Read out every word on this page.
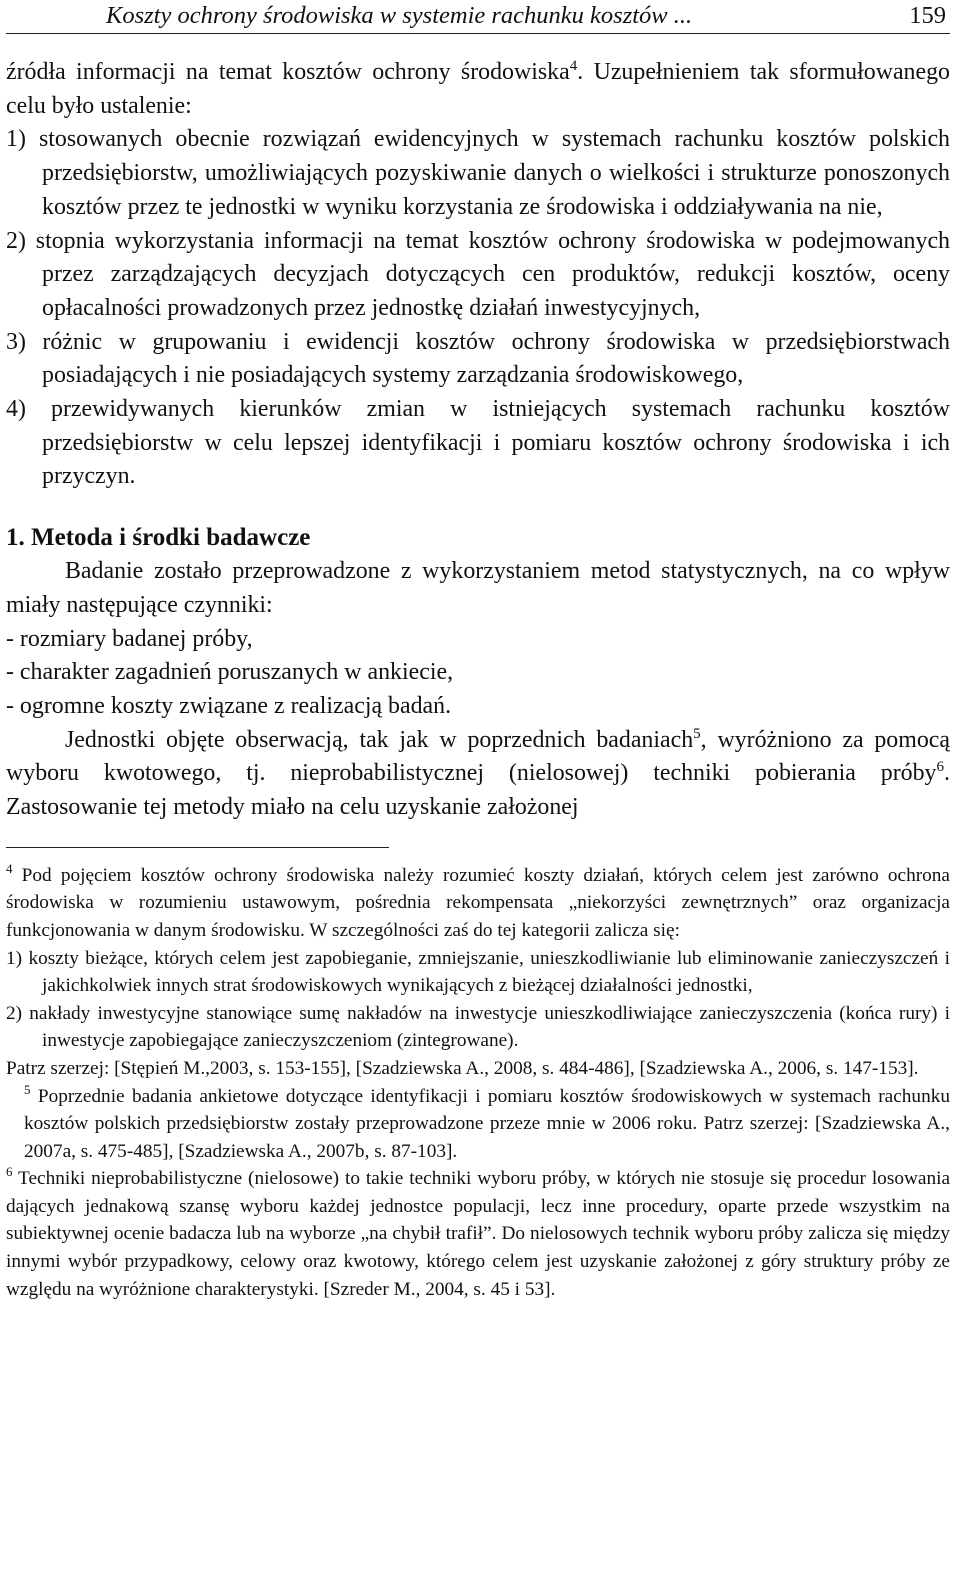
Koszty ochrony środowiska w systemie rachunku kosztów ...	159

źródła informacji na temat kosztów ochrony środowiska$^4$. Uzupełnieniem tak sformułowanego celu było ustalenie:

1) stosowanych obecnie rozwiązań ewidencyjnych w systemach rachunku kosztów polskich przedsiębiorstw, umożliwiających pozyskiwanie danych o wielkości i strukturze ponoszonych kosztów przez te jednostki w wyniku korzystania ze środowiska i oddziaływania na nie,

2) stopnia wykorzystania informacji na temat kosztów ochrony środowiska w podejmowanych przez zarządzających decyzjach dotyczących cen produktów, redukcji kosztów, oceny opłacalności prowadzonych przez jednostkę działań inwestycyjnych,

3) różnic w grupowaniu i ewidencji kosztów ochrony środowiska w przedsiębiorstwach posiadających i nie posiadających systemy zarządzania środowiskowego,

4) przewidywanych kierunków zmian w istniejących systemach rachunku kosztów przedsiębiorstw w celu lepszej identyfikacji i pomiaru kosztów ochrony środowiska i ich przyczyn.

1. Metoda i środki badawcze

Badanie zostało przeprowadzone z wykorzystaniem metod statystycznych, na co wpływ miały następujące czynniki:

- rozmiary badanej próby,

- charakter zagadnień poruszanych w ankiecie,

- ogromne koszty związane z realizacją badań.

Jednostki objęte obserwacją, tak jak w poprzednich badaniach$^5$, wyróżniono za pomocą wyboru kwotowego, tj. nieprobabilistycznej (nielosowej) techniki pobierania próby$^6$. Zastosowanie tej metody miało na celu uzyskanie założonej

$^4$ Pod pojęciem kosztów ochrony środowiska należy rozumieć koszty działań, których celem jest zarówno ochrona środowiska w rozumieniu ustawowym, pośrednia rekompensata „niekorzyści zewnętrznych” oraz organizacja funkcjonowania w danym środowisku. W szczególności zaś do tej kategorii zalicza się:

1) koszty bieżące, których celem jest zapobieganie, zmniejszanie, unieszkodliwianie lub eliminowanie zanieczyszczeń i jakichkolwiek innych strat środowiskowych wynikających z bieżącej działalności jednostki,

2) nakłady inwestycyjne stanowiące sumę nakładów na inwestycje unieszkodliwiające zanieczyszczenia (końca rury) i inwestycje zapobiegające zanieczyszczeniom (zintegrowane).

Patrz szerzej: [Stępień M.,2003, s. 153-155], [Szadziewska A., 2008, s. 484-486], [Szadziewska A., 2006, s. 147-153].

$^5$ Poprzednie badania ankietowe dotyczące identyfikacji i pomiaru kosztów środowiskowych w systemach rachunku kosztów polskich przedsiębiorstw zostały przeprowadzone przeze mnie w 2006 roku. Patrz szerzej: [Szadziewska A., 2007a, s. 475-485], [Szadziewska A., 2007b, s. 87-103].

$^6$ Techniki nieprobabilistyczne (nielosowe) to takie techniki wyboru próby, w których nie stosuje się procedur losowania dających jednakową szansę wyboru każdej jednostce populacji, lecz inne procedury, oparte przede wszystkim na subiektywnej ocenie badacza lub na wyborze „na chybił trafił”. Do nielosowych technik wyboru próby zalicza się między innymi wybór przypadkowy, celowy oraz kwotowy, którego celem jest uzyskanie założonej z góry struktury próby ze względu na wyróżnione charakterystyki. [Szreder M., 2004, s. 45 i 53].
